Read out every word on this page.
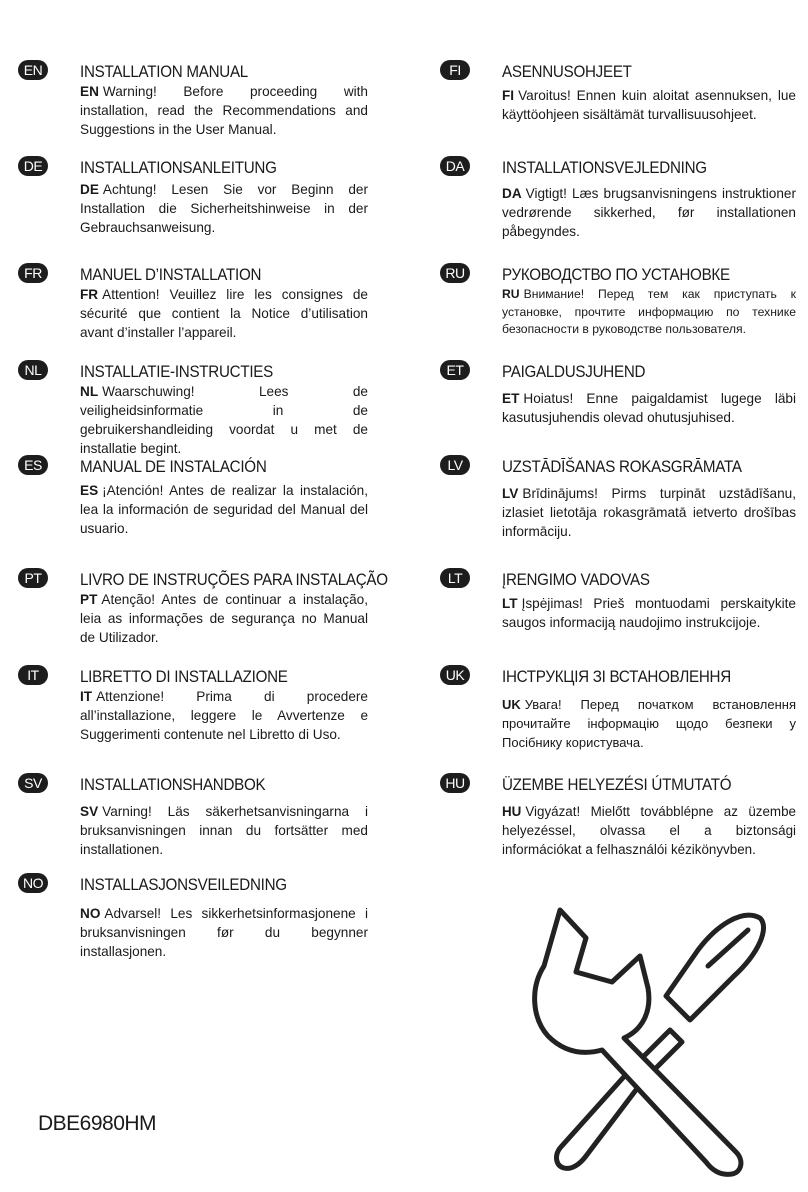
EN	INSTALLATION MANUAL
EN Warning! Before proceeding with installation, read the Recommendations and Suggestions in the User Manual.
DE	INSTALLATIONSANLEITUNG
DE Achtung! Lesen Sie vor Beginn der Installation die Sicherheitshinweise in der Gebrauchsanweisung.
FR	MANUEL D’INSTALLATION
FR Attention! Veuillez lire les consignes de sécurité que contient la Notice d’utilisation avant d’installer l’appareil.
NL	INSTALLATIE-INSTRUCTIES
NL Waarschuwing! Lees de veiligheidsinformatie in de gebruikershandleiding voordat u met de installatie begint.
ES	MANUAL DE INSTALACIÓN
ES ¡Atención! Antes de realizar la instalación, lea la información de seguridad del Manual del usuario.
PT	LIVRO DE INSTRUÇÕES PARA INSTALAÇÃO
PT Atenção! Antes de continuar a instalação, leia as informações de segurança no Manual de Utilizador.
IT	LIBRETTO DI INSTALLAZIONE
IT Attenzione! Prima di procedere all’installazione, leggere le Avvertenze e Suggerimenti contenute nel Libretto di Uso.
SV	INSTALLATIONSHANDBOK
SV Varning! Läs säkerhetsanvisningarna i bruksanvisningen innan du fortsätter med installationen.
NO	INSTALLASJONSVEILEDNING
NO Advarsel! Les sikkerhetsinformasjonene i bruksanvisningen før du begynner installasjonen.
FI	ASENNUSOHJEET
FI Varoitus! Ennen kuin aloitat asennuksen, lue käyttöohjeen sisältämät turvallisuusohjeet.
DA	INSTALLATIONSVEJLEDNING
DA Vigtigt! Læs brugsanvisningens instruktioner vedrørende sikkerhed, før installationen påbegyndes.
RU	РУКОВОДСТВО ПО УСТАНОВКЕ
RU Внимание! Перед тем как приступать к установке, прочтите информацию по технике безопасности в руководстве пользователя.
ET	PAIGALDUSJUHEND
ET Hoiatus! Enne paigaldamist lugege läbi kasutusjuhendis olevad ohutusjuhised.
LV	UZSTĀDĪŠANAS ROKASGRĀMATA
LV Brīdinājums! Pirms turpināt uzstādīšanu, izlasiet lietotāja rokasgrāmatā ietverto drošības informāciju.
LT	ĮRENGIMO VADOVAS
LT Įspėjimas! Prieš montuodami perskaitykite saugos informaciją naudojimo instrukcijoje.
UK	ІНСТРУКЦІЯ ЗІ ВСТАНОВЛЕННЯ
UK Увага! Перед початком встановлення прочитайте інформацію щодо безпеки у Посібнику користувача.
HU	ÜZEMBE HELYEZÉSI ÚTMUTATÓ
HU Vigyázat! Mielőtt továbblépne az üzembe helyezéssel, olvassa el a biztonsági információkat a felhasználói kézikönyvben.
DBE6980HM
